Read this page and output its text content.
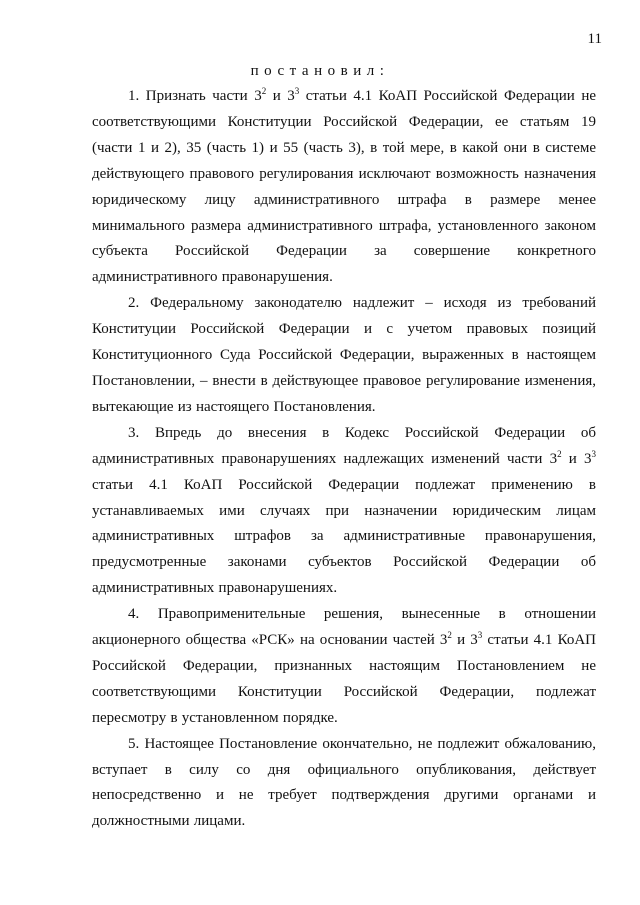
11
постановил:

1. Признать части $3^2$ и $3^3$ статьи 4.1 КоАП Российской Федерации не соответствующими Конституции Российской Федерации, ее статьям 19 (части 1 и 2), 35 (часть 1) и 55 (часть 3), в той мере, в какой они в системе действующего правового регулирования исключают возможность назначения юридическому лицу административного штрафа в размере менее минимального размера административного штрафа, установленного законом субъекта Российской Федерации за совершение конкретного административного правонарушения.

2. Федеральному законодателю надлежит – исходя из требований Конституции Российской Федерации и с учетом правовых позиций Конституционного Суда Российской Федерации, выраженных в настоящем Постановлении, – внести в действующее правовое регулирование изменения, вытекающие из настоящего Постановления.

3. Впредь до внесения в Кодекс Российской Федерации об административных правонарушениях надлежащих изменений части $3^2$ и $3^3$ статьи 4.1 КоАП Российской Федерации подлежат применению в устанавливаемых ими случаях при назначении юридическим лицам административных штрафов за административные правонарушения, предусмотренные законами субъектов Российской Федерации об административных правонарушениях.

4. Правоприменительные решения, вынесенные в отношении акционерного общества «РСК» на основании частей $3^2$ и $3^3$ статьи 4.1 КоАП Российской Федерации, признанных настоящим Постановлением не соответствующими Конституции Российской Федерации, подлежат пересмотру в установленном порядке.

5. Настоящее Постановление окончательно, не подлежит обжалованию, вступает в силу со дня официального опубликования, действует непосредственно и не требует подтверждения другими органами и должностными лицами.
